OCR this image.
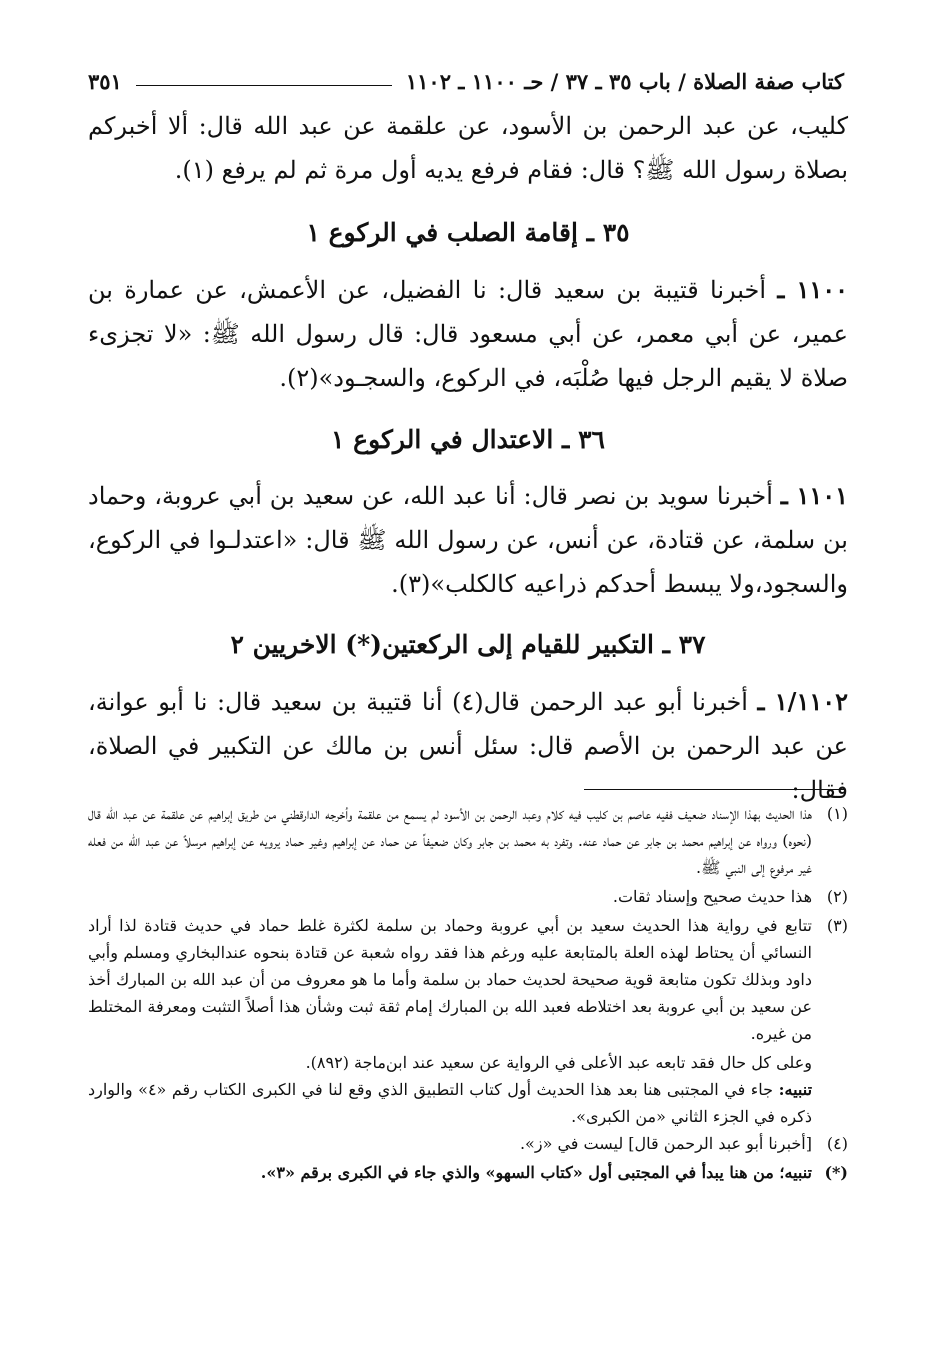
كتاب صفة الصلاة / باب ٣٥ ـ ٣٧ / حـ ١١٠٠ ـ ١١٠٢
٣٥١

كليب، عن عبد الرحمن بن الأسود، عن علقمة عن عبد الله قال: ألا أخبركم بصلاة رسول الله ﷺ؟ قال: فقام فرفع يديه أول مرة ثم لم يرفع (١).

٣٥ ـ إقامة الصلب في الركوع ١

١١٠٠ ـ أخبرنا قتيبة بن سعيد قال: نا الفضيل، عن الأعمش، عن عمارة بن عمير، عن أبي معمر، عن أبي مسعود قال: قال رسول الله ﷺ: «لا تجزىء صلاة لا يقيم الرجل فيها صُلْبَه، في الركوع، والسجـود»(٢).

٣٦ ـ الاعتدال في الركوع ١

١١٠١ ـ أخبرنا سويد بن نصر قال: أنا عبد الله، عن سعيد بن أبي عروبة، وحماد بن سلمة، عن قتادة، عن أنس، عن رسول الله ﷺ قال: «اعتدلـوا في الركوع، والسجود،ولا يبسط أحدكم ذراعيه كالكلب»(٣).

٣٧ ـ التكبير للقيام إلى الركعتين(*) الاخريين ٢

١/١١٠٢ ـ أخبرنا أبو عبد الرحمن قال(٤) أنا قتيبة بن سعيد قال: نا أبو عوانة، عن عبد الرحمن بن الأصم قال: سئل أنس بن مالك عن التكبير في الصلاة، فقال:

(١)
هذا الحديث بهذا الإسناد ضعيف ففيه عاصم بن كليب فيه كلام وعبد الرحمن بن الأسود لم يسمع من علقمة وأخرجه الدارقطني من طريق إبراهيم عن علقمة عن عبد الله قال (نحوه) ورواه عن إبراهيم محمد بن جابر عن حماد عنه. وتفرد به محمد بن جابر وكان ضعيفاً عن حماد عن إبراهيم وغير حماد يرويه عن إبراهيم مرسلاً عن عبد الله من فعله غير مرفوع إلى النبي ﷺ.
(٢)
هذا حديث صحيح وإسناد ثقات.
(٣)
تتابع في رواية هذا الحديث سعيد بن أبي عروبة وحماد بن سلمة لكثرة غلط حماد في حديث قتادة لذا أراد النسائي أن يحتاط لهذه العلة بالمتابعة عليه ورغم هذا فقد رواه شعبة عن قتادة بنحوه عندالبخاري ومسلم وأبي داود وبذلك تكون متابعة قوية صحيحة لحديث حماد بن سلمة وأما ما هو معروف من أن عبد الله بن المبارك أخذ عن سعيد بن أبي عروبة بعد اختلاطه فعبد الله بن المبارك إمام ثقة ثبت وشأن هذا أصلاً التثبت ومعرفة المختلط من غيره.
وعلى كل حال فقد تابعه عبد الأعلى في الرواية عن سعيد عند ابن‌ماجة (٨٩٢).
تنبيه: جاء في المجتبى هنا بعد هذا الحديث أول كتاب التطبيق الذي وقع لنا في الكبرى الكتاب رقم «٤» والوارد ذكره في الجزء الثاني «من الكبرى».
(٤)
[أخبرنا أبو عبد الرحمن قال] ليست في «ز».
(*)
تنبيه؛ من هنا يبدأ في المجتبى أول «كتاب السهو» والذي جاء في الكبرى برقم «٣».
